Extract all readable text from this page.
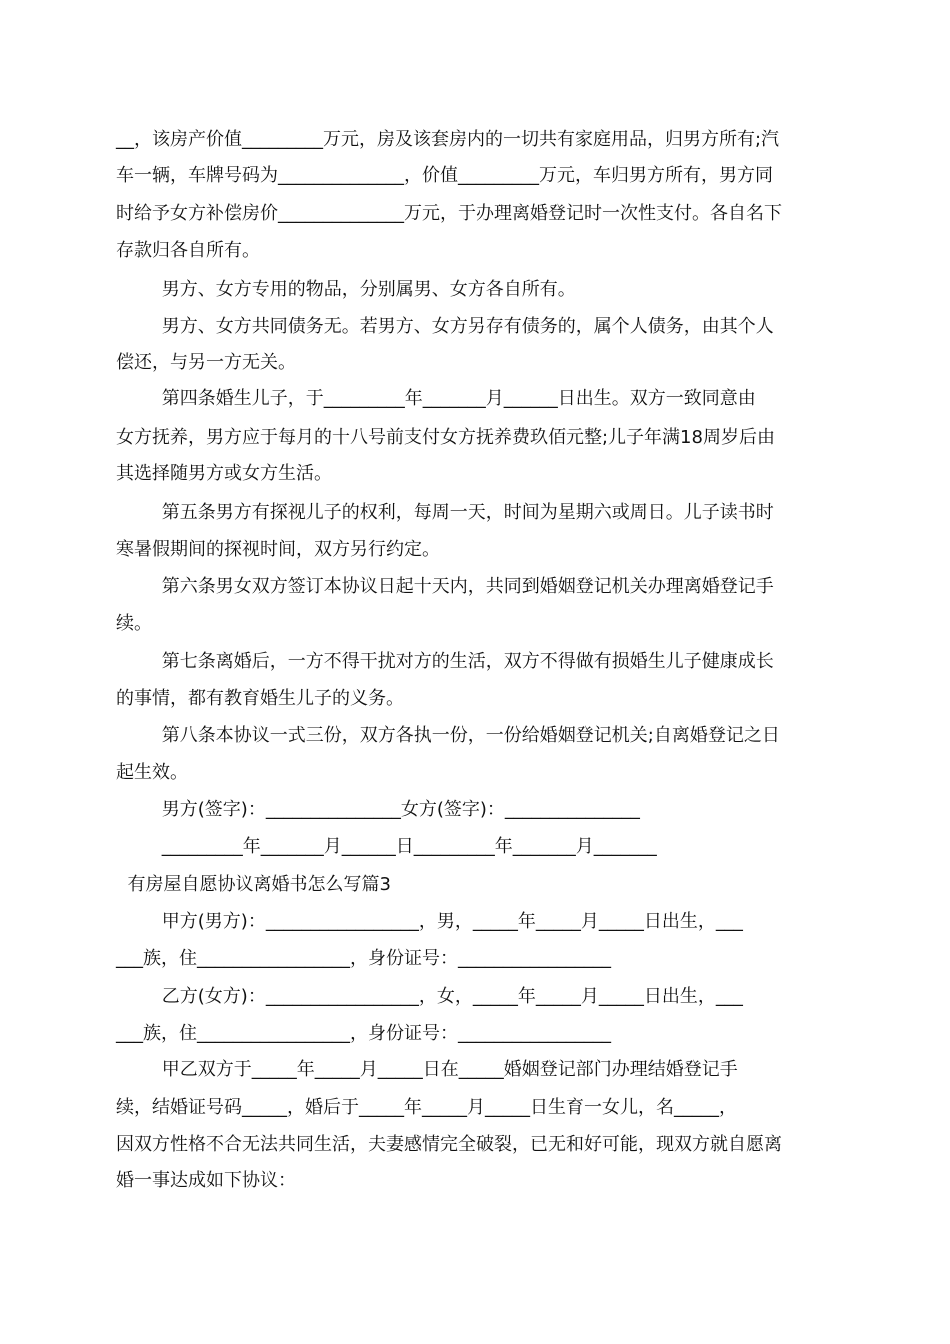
__，该房产价值_________万元，房及该套房内的一切共有家庭用品，归男方所有;汽
车一辆，车牌号码为______________，价值_________万元，车归男方所有，男方同
时给予女方补偿房价______________万元，于办理离婚登记时一次性支付。各自名下
存款归各自所有。
男方、女方专用的物品，分别属男、女方各自所有。
男方、女方共同债务无。若男方、女方另存有债务的，属个人债务，由其个人
偿还，与另一方无关。
第四条婚生儿子，于_________年_______月______日出生。双方一致同意由
女方抚养，男方应于每月的十八号前支付女方抚养费玖佰元整;儿子年满18周岁后由
其选择随男方或女方生活。
第五条男方有探视儿子的权利，每周一天，时间为星期六或周日。儿子读书时
寒暑假期间的探视时间，双方另行约定。
第六条男女双方签订本协议日起十天内，共同到婚姻登记机关办理离婚登记手
续。
第七条离婚后，一方不得干扰对方的生活，双方不得做有损婚生儿子健康成长
的事情，都有教育婚生儿子的义务。
第八条本协议一式三份，双方各执一份，一份给婚姻登记机关;自离婚登记之日
起生效。
男方(签字)：_______________女方(签字)：_______________
_________年_______月______日_________年_______月_______
有房屋自愿协议离婚书怎么写篇3
甲方(男方)：_________________，男，_____年_____月_____日出生，___
___族，住_________________，身份证号：_________________
乙方(女方)：_________________，女，_____年_____月_____日出生，___
___族，住_________________，身份证号：_________________
甲乙双方于_____年_____月_____日在_____婚姻登记部门办理结婚登记手
续，结婚证号码_____，婚后于_____年_____月_____日生育一女儿，名_____，
因双方性格不合无法共同生活，夫妻感情完全破裂，已无和好可能，现双方就自愿离
婚一事达成如下协议：
